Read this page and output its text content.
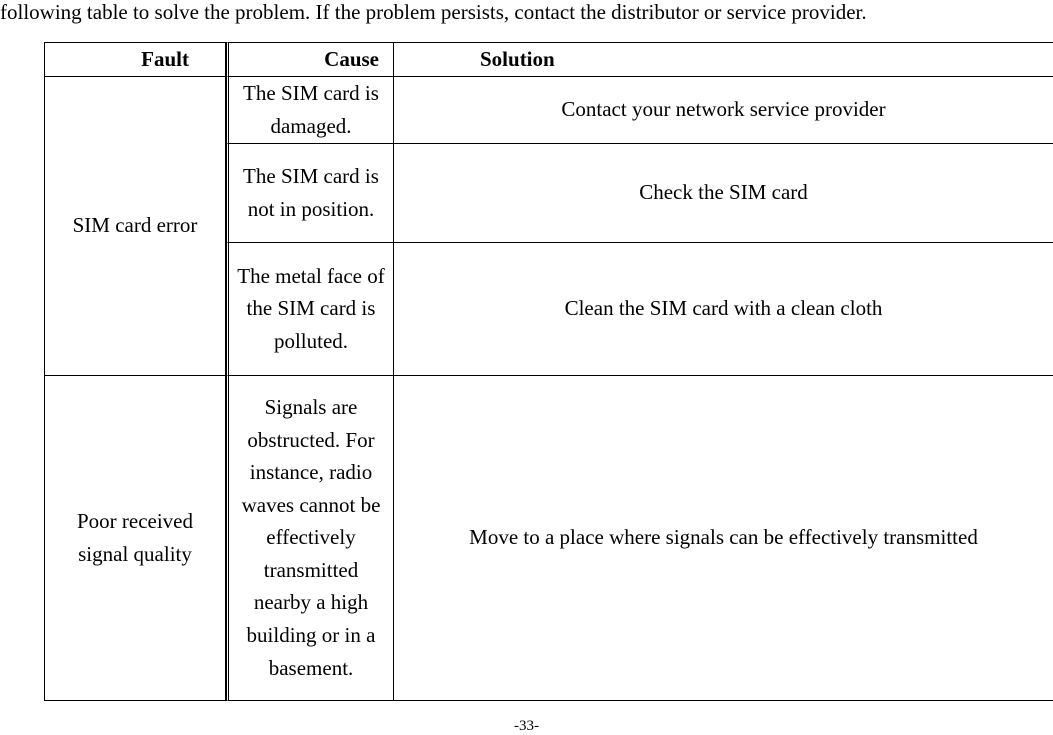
following table to solve the problem. If the problem persists, contact the distributor or service provider.
Fault	Cause	Solution
SIM card error	The SIM card is damaged.	Contact your network service provider
	The SIM card is not in position.	Check the SIM card
	The metal face of the SIM card is polluted.	Clean the SIM card with a clean cloth
Poor received signal quality	Signals are obstructed. For instance, radio waves cannot be effectively transmitted nearby a high building or in a basement.	Move to a place where signals can be effectively transmitted
-33-
